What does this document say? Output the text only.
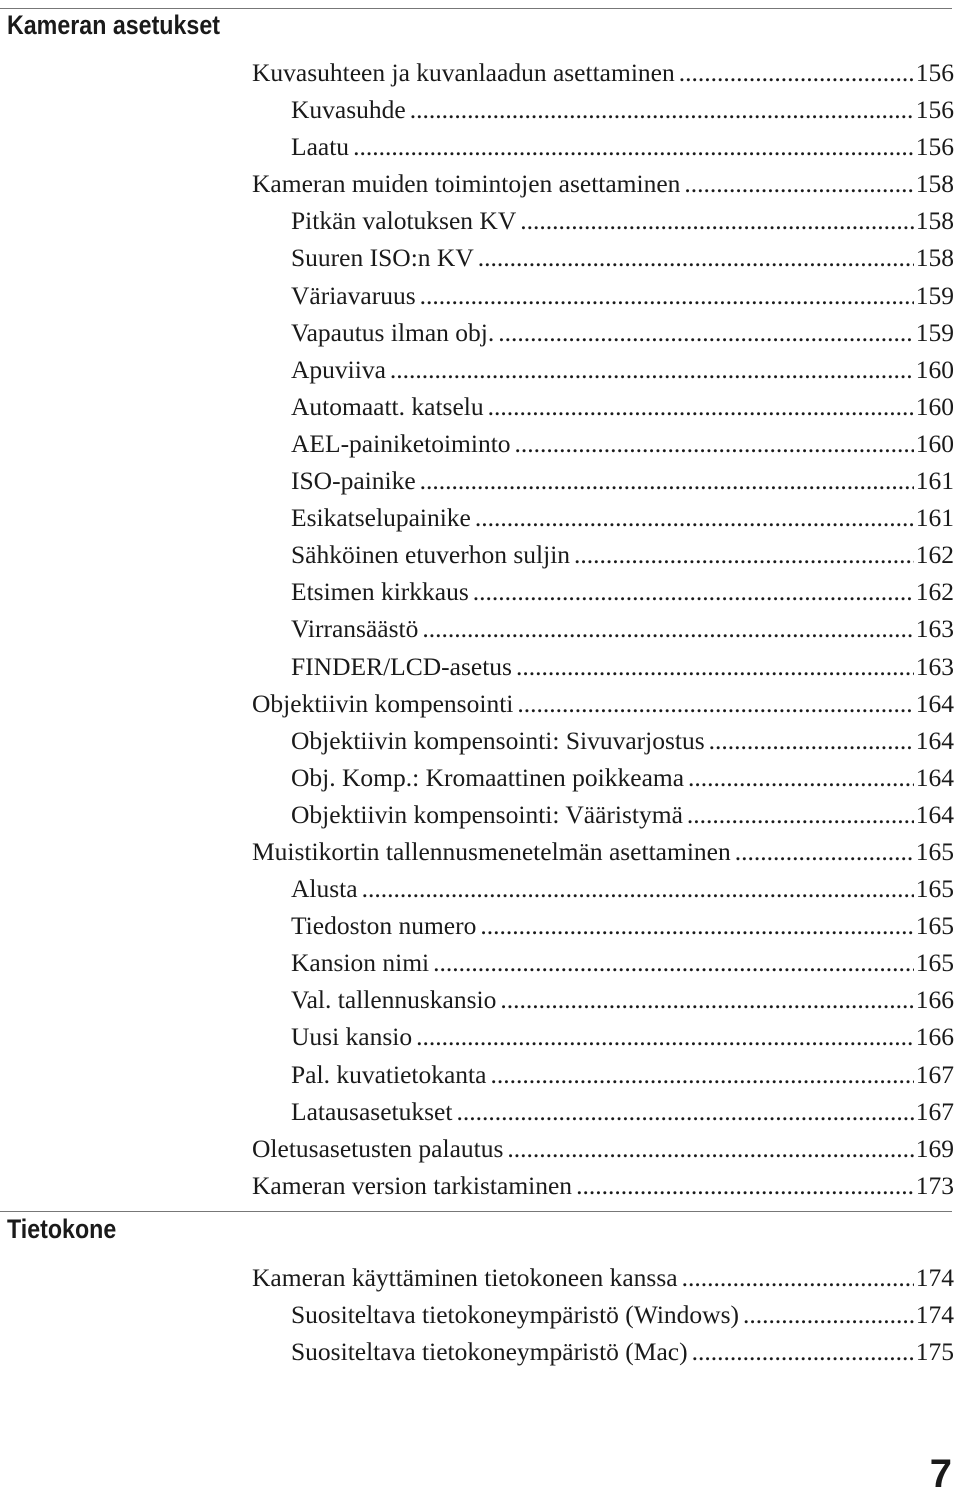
Kameran asetukset
Kuvasuhteen ja kuvanlaadun asettaminen .....	156
Kuvasuhde .....	156
Laatu .....	156
Kameran muiden toimintojen asettaminen .....	158
Pitkän valotuksen KV .....	158
Suuren ISO:n KV .....	158
Väriavaruus .....	159
Vapautus ilman obj. .....	159
Apuviiva .....	160
Automaatt. katselu .....	160
AEL-painiketoiminto .....	160
ISO-painike .....	161
Esikatselupainike .....	161
Sähköinen etuverhon suljin .....	162
Etsimen kirkkaus .....	162
Virransäästö .....	163
FINDER/LCD-asetus .....	163
Objektiivin kompensointi .....	164
Objektiivin kompensointi: Sivuvarjostus .....	164
Obj. Komp.: Kromaattinen poikkeama .....	164
Objektiivin kompensointi: Vääristymä .....	164
Muistikortin tallennusmenetelmän asettaminen .....	165
Alusta .....	165
Tiedoston numero .....	165
Kansion nimi .....	165
Val. tallennuskansio .....	166
Uusi kansio .....	166
Pal. kuvatietokanta .....	167
Latausasetukset .....	167
Oletusasetusten palautus .....	169
Kameran version tarkistaminen .....	173
Tietokone
Kameran käyttäminen tietokoneen kanssa .....	174
Suositeltava tietokoneympäristö (Windows) .....	174
Suositeltava tietokoneympäristö (Mac) .....	175
7
